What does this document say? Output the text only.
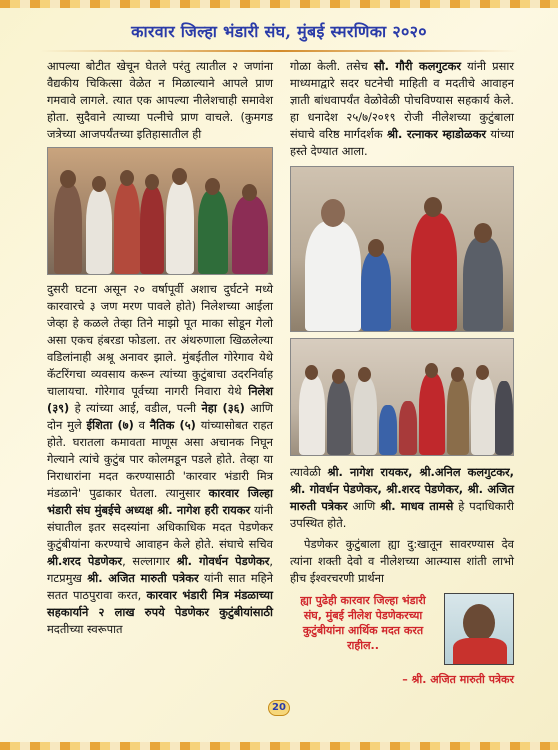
कारवार जिल्हा भंडारी संघ, मुंबई स्मरणिका २०२०

आपल्या बोटीत खेचून घेतले परंतु त्यातील २ जणांना वैद्यकीय चिकित्सा वेळेत न मिळाल्याने आपले प्राण गमवावे लागले. त्यात एक आपल्या नीलेशचाही समावेश होता. सुदैवाने त्याच्या पत्नीचे प्राण वाचले. (कुमगड जत्रेच्या आजपर्यंतच्या इतिहासातील ही

दुसरी घटना असून २० वर्षापूर्वी अशाच दुर्घटने मध्ये कारवारचे ३ जण मरण पावले होते) निलेशच्या आईला जेव्हा हे कळले तेव्हा तिने माझो पूत माका सोडून गेलो असा एकच हंबरडा फोडला. तर अंथरुणाला खिळलेल्या वडिलांनाही अश्रू अनावर झाले. मुंबईतील गोरेगाव येथे कॅटरिंगचा व्यवसाय करून त्यांच्या कुटुंबाचा उदरनिर्वाह चालायचा. गोरेगाव पूर्वच्या नागरी निवारा येथे निलेश (३९) हे त्यांच्या आई, वडील, पत्नी नेहा (३६) आणि दोन मुले ईशिता (७) व नैतिक (५) यांच्यासोबत राहत होते. घरातला कमावता माणूस असा अचानक निघून गेल्याने त्यांचे कुटुंब पार कोलमडून पडले होते. तेव्हा या निराधारांना मदत करण्यासाठी 'कारवार भंडारी मित्र मंडळाने' पुढाकार घेतला. त्यानुसार कारवार जिल्हा भंडारी संघ मुंबईचे अध्यक्ष श्री. नागेश हरी रायकर यांनी संघातील इतर सदस्यांना अधिकाधिक मदत पेडणेकर कुटुंबीयांना करण्याचे आवाहन केले होते. संघाचे सचिव श्री.शरद पेडणेकर, सल्लागार श्री. गोवर्धन पेडणेकर, गटप्रमुख श्री. अजित मारुती पत्रेकर यांनी सात महिने सतत पाठपुरावा करत, कारवार भंडारी मित्र मंडळाच्या सहकार्याने २ लाख रुपये पेडणेकर कुटुंबीयांसाठी मदतीच्या स्वरूपात

गोळा केली. तसेच सौ. गौरी कलगुटकर यांनी प्रसार माध्यमाद्वारे सदर घटनेची माहिती व मदतीचे आवाहन ज्ञाती बांधवापर्यंत वेळोवेळी पोचविण्यास सहकार्य केले. हा धनादेश २५/७/२०१९ रोजी नीलेशच्या कुटुंबाला संघाचे वरिष्ठ मार्गदर्शक श्री. रत्नाकर म्हाडोळकर यांच्या हस्ते देण्यात आला.

त्यावेळी श्री. नागेश रायकर, श्री.अनिल कलगुटकर, श्री. गोवर्धन पेडणेकर, श्री.शरद पेडणेकर, श्री. अजित मारुती पत्रेकर आणि श्री. माधव तामसे हे पदाधिकारी उपस्थित होते.

पेडणेकर कुटुंबाला ह्या दु:खातून सावरण्यास देव त्यांना शक्ती देवो व नीलेशच्या आत्म्यास शांती लाभो हीच ईश्वरचरणी प्रार्थना

ह्या पुढेही कारवार जिल्हा भंडारी संघ, मुंबई नीलेश पेडणेकरच्या कुटुंबीयांना आर्थिक मदत करत राहील..

– श्री. अजित मारुती पत्रेकर
20
